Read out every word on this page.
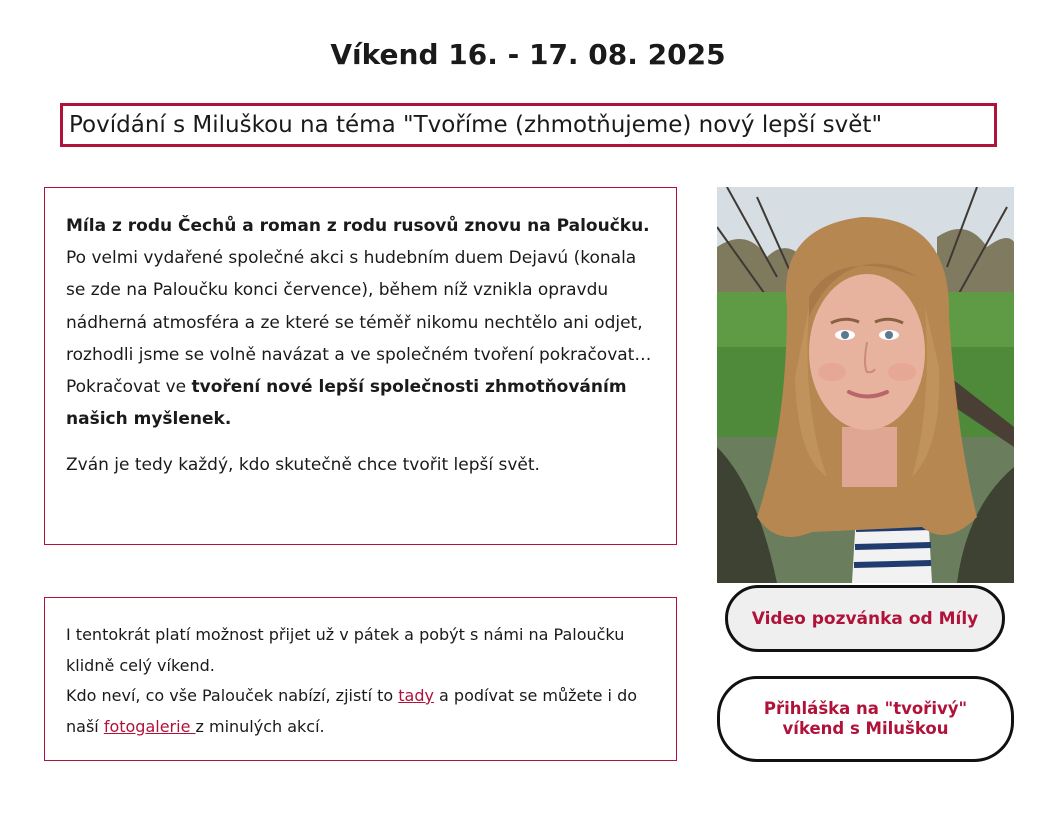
Víkend 16. - 17. 08. 2025
Povídání s Miluškou na téma "Tvoříme (zhmotňujeme) nový lepší svět"

Míla z rodu Čechů a roman z rodu rusovů znovu na Paloučku.
Po velmi vydařené společné akci s hudebním duem Dejavú (konala se zde na Paloučku konci července), během níž vznikla opravdu nádherná atmosféra a ze které se téměř nikomu nechtělo ani odjet, rozhodli jsme se volně navázat a ve společném tvoření pokračovat…
Pokračovat ve tvoření nové lepší společnosti zhmotňováním našich myšlenek.

Zván je tedy každý, kdo skutečně chce tvořit lepší svět.

I tentokrát platí možnost přijet už v pátek a pobýt s námi na Paloučku klidně celý víkend.
Kdo neví, co vše Palouček nabízí, zjistí to tady a podívat se můžete i do naší fotogalerie z minulých akcí.

Video pozvánka od Míly
Přihláška na "tvořivý" víkend s Miluškou
